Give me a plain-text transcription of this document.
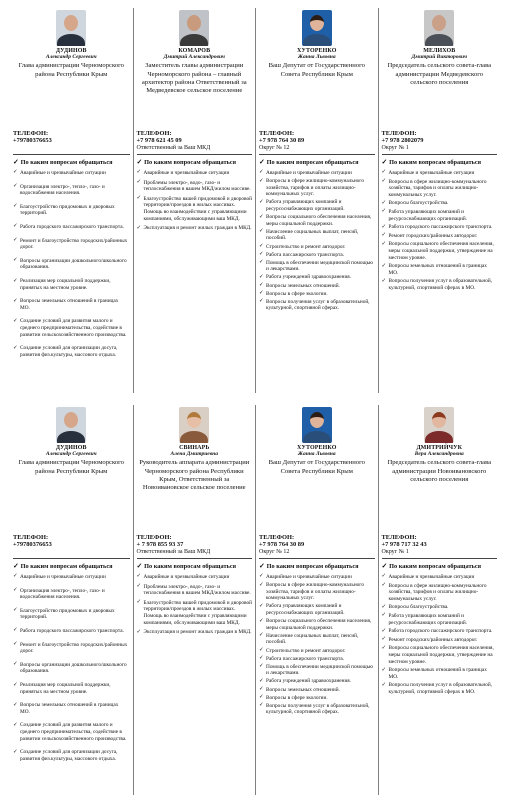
ДУДИНОВ
Александр Сергеевич
Глава администрации Черноморского района Республики Крым
ТЕЛЕФОН:
+79780376653

✓ По каким вопросам обращаться
✓ Аварийные и чрезвычайные ситуации
✓ Организация электро-, тепло-, газо- и водоснабжения населения.
✓ Благоустройство придомовых и дворовых территорий.
✓ Работа городского пассажирского транспорта.
✓ Ремонт и благоустройство городских/районных дорог.
✓ Вопросы организации дошкольного/школьного образования.
✓ Реализация мер социальной поддержки, принятых на местном уровне.
✓ Вопросы земельных отношений в границах МО.
✓ Создание условий для развития малого и среднего предпринимательства, содействие в развитии сельскохозяйственного производства.
✓ Создание условий для организации досуга, развития физ.культуры, массового отдыха.
КОМАРОВ
Дмитрий Александрович
Заместитель главы администрации Черноморского района – главный архитектор района Ответственный за Медведевское сельское поселение
ТЕЛЕФОН:
+7 978 621 45 09
Ответственный за Ваш МКД
✓ По каким вопросам обращаться
✓ Аварийные и чрезвычайные ситуации
✓ Проблемы электро-, водо-, газо- и теплоснабжения в вашем МКД/жилом массиве.
✓ Благоустройство вашей придомовой и дворовой территории/проездов в жилых массивах. Помощь во взаимодействии с управляющими компаниями, обслуживающими ваш МКД.
✓ Эксплуатация и ремонт жилых граждан в МКД.
ХУТОРЕНКО
Жанна Львовна
Ваш Депутат от Государственного Совета Республики Крым
ТЕЛЕФОН:
+7 978 764 30 89
Округ № 12
✓ По каким вопросам обращаться
✓ Аварийные и чрезвычайные ситуации
✓ Вопросы в сфере жилищно-коммунального хозяйства, тарифов и оплаты жилищно-коммунальных услуг.
✓ Работа управляющих компаний и ресурсоснабжающих организаций.
✓ Вопросы социального обеспечения населения, меры социальной поддержки.
✓ Начисление социальных выплат, пенсий, пособий.
✓ Строительство и ремонт автодорог.
✓ Работа пассажирского транспорта.
✓ Помощь в обеспечении медицинской помощью и лекарствами.
✓ Работа учреждений здравоохранения.
✓ Вопросы земельных отношений.
✓ Вопросы в сфере экологии.
✓ Вопросы получения услуг в образовательной, культурной, спортивной сферах.
МЕЛИХОВ
Дмитрий Викторович
Председатель сельского совета-глава администрации Медведевского сельского поселения
ТЕЛЕФОН:
+7 978 2802079
Округ № 1
✓ По каким вопросам обращаться
✓ Аварийные и чрезвычайные ситуации
✓ Вопросы в сфере жилищно-коммунального хозяйства, тарифов и оплаты жилищно-коммунальных услуг.
✓ Вопросы благоустройства.
✓ Работа управляющих компаний и ресурсоснабжающих организаций.
✓ Работа городского пассажирского транспорта.
✓ Ремонт городских/районных автодорог.
✓ Вопросы социального обеспечения населения, меры социальной поддержки, утверждение на местном уровне.
✓ Вопросы земельных отношений в границах МО.
✓ Вопросы получения услуг в образовательной, культурной, спортивной сферах в МО.
ДУДИНОВ
Александр Сергеевич
Глава администрации Черноморского района Республики Крым
ТЕЛЕФОН:
+79780376653

✓ По каким вопросам обращаться
✓ Аварийные и чрезвычайные ситуации
✓ Организация электро-, тепло-, газо- и водоснабжения населения.
✓ Благоустройство придомовых и дворовых территорий.
✓ Работа городского пассажирского транспорта.
✓ Ремонт и благоустройство городских/районных дорог.
✓ Вопросы организации дошкольного/школьного образования.
✓ Реализация мер социальной поддержки, принятых на местном уровне.
✓ Вопросы земельных отношений в границах МО.
✓ Создание условий для развития малого и среднего предпринимательства, содействие в развитии сельскохозяйственного производства.
✓ Создание условий для организации досуга, развития физ.культуры, массового отдыха.
СВИНАРЬ
Алена Дмитриевна
Руководитель аппарата администрации Черноморского района Республики Крым, Ответственный за Новоивановское сельское поселение
ТЕЛЕФОН:
+ 7 978 855 93 37
Ответственный за Ваш МКД
✓ По каким вопросам обращаться
✓ Аварийные и чрезвычайные ситуации
✓ Проблемы электро-, водо-, газо- и теплоснабжения в вашем МКД/жилом массиве.
✓ Благоустройство вашей придомовой и дворовой территории/проездов в жилых массивах. Помощь во взаимодействии с управляющими компаниями, обслуживающими ваш МКД.
✓ Эксплуатация и ремонт жилых граждан в МКД.
ХУТОРЕНКО
Жанна Львовна
Ваш Депутат от Государственного Совета Республики Крым
ТЕЛЕФОН:
+7 978 764 30 89
Округ № 12
✓ По каким вопросам обращаться
✓ Аварийные и чрезвычайные ситуации
✓ Вопросы в сфере жилищно-коммунального хозяйства, тарифов и оплаты жилищно-коммунальных услуг.
✓ Работа управляющих компаний и ресурсоснабжающих организаций.
✓ Вопросы социального обеспечения населения, меры социальной поддержки.
✓ Начисление социальных выплат, пенсий, пособий.
✓ Строительство и ремонт автодорог.
✓ Работа пассажирского транспорта.
✓ Помощь в обеспечении медицинской помощью и лекарствами.
✓ Работа учреждений здравоохранения.
✓ Вопросы земельных отношений.
✓ Вопросы в сфере экологии.
✓ Вопросы получения услуг в образовательной, культурной, спортивной сферах.
ДМИТРИЙЧУК
Вера Александровна
Председатель сельского совета-глава администрации Новоивановского сельского поселения
ТЕЛЕФОН:
+7 978 717 32 43
Округ № 1
✓ По каким вопросам обращаться
✓ Аварийные и чрезвычайные ситуации
✓ Вопросы в сфере жилищно-коммунального хозяйства, тарифов и оплаты жилищно-коммунальных услуг.
✓ Вопросы благоустройства.
✓ Работа управляющих компаний и ресурсоснабжающих организаций.
✓ Работа городского пассажирского транспорта.
✓ Ремонт городских/районных автодорог.
✓ Вопросы социального обеспечения населения, меры социальной поддержки, утверждение на местном уровне.
✓ Вопросы земельных отношений в границах МО.
✓ Вопросы получения услуг в образовательной, культурной, спортивной сферах в МО.
